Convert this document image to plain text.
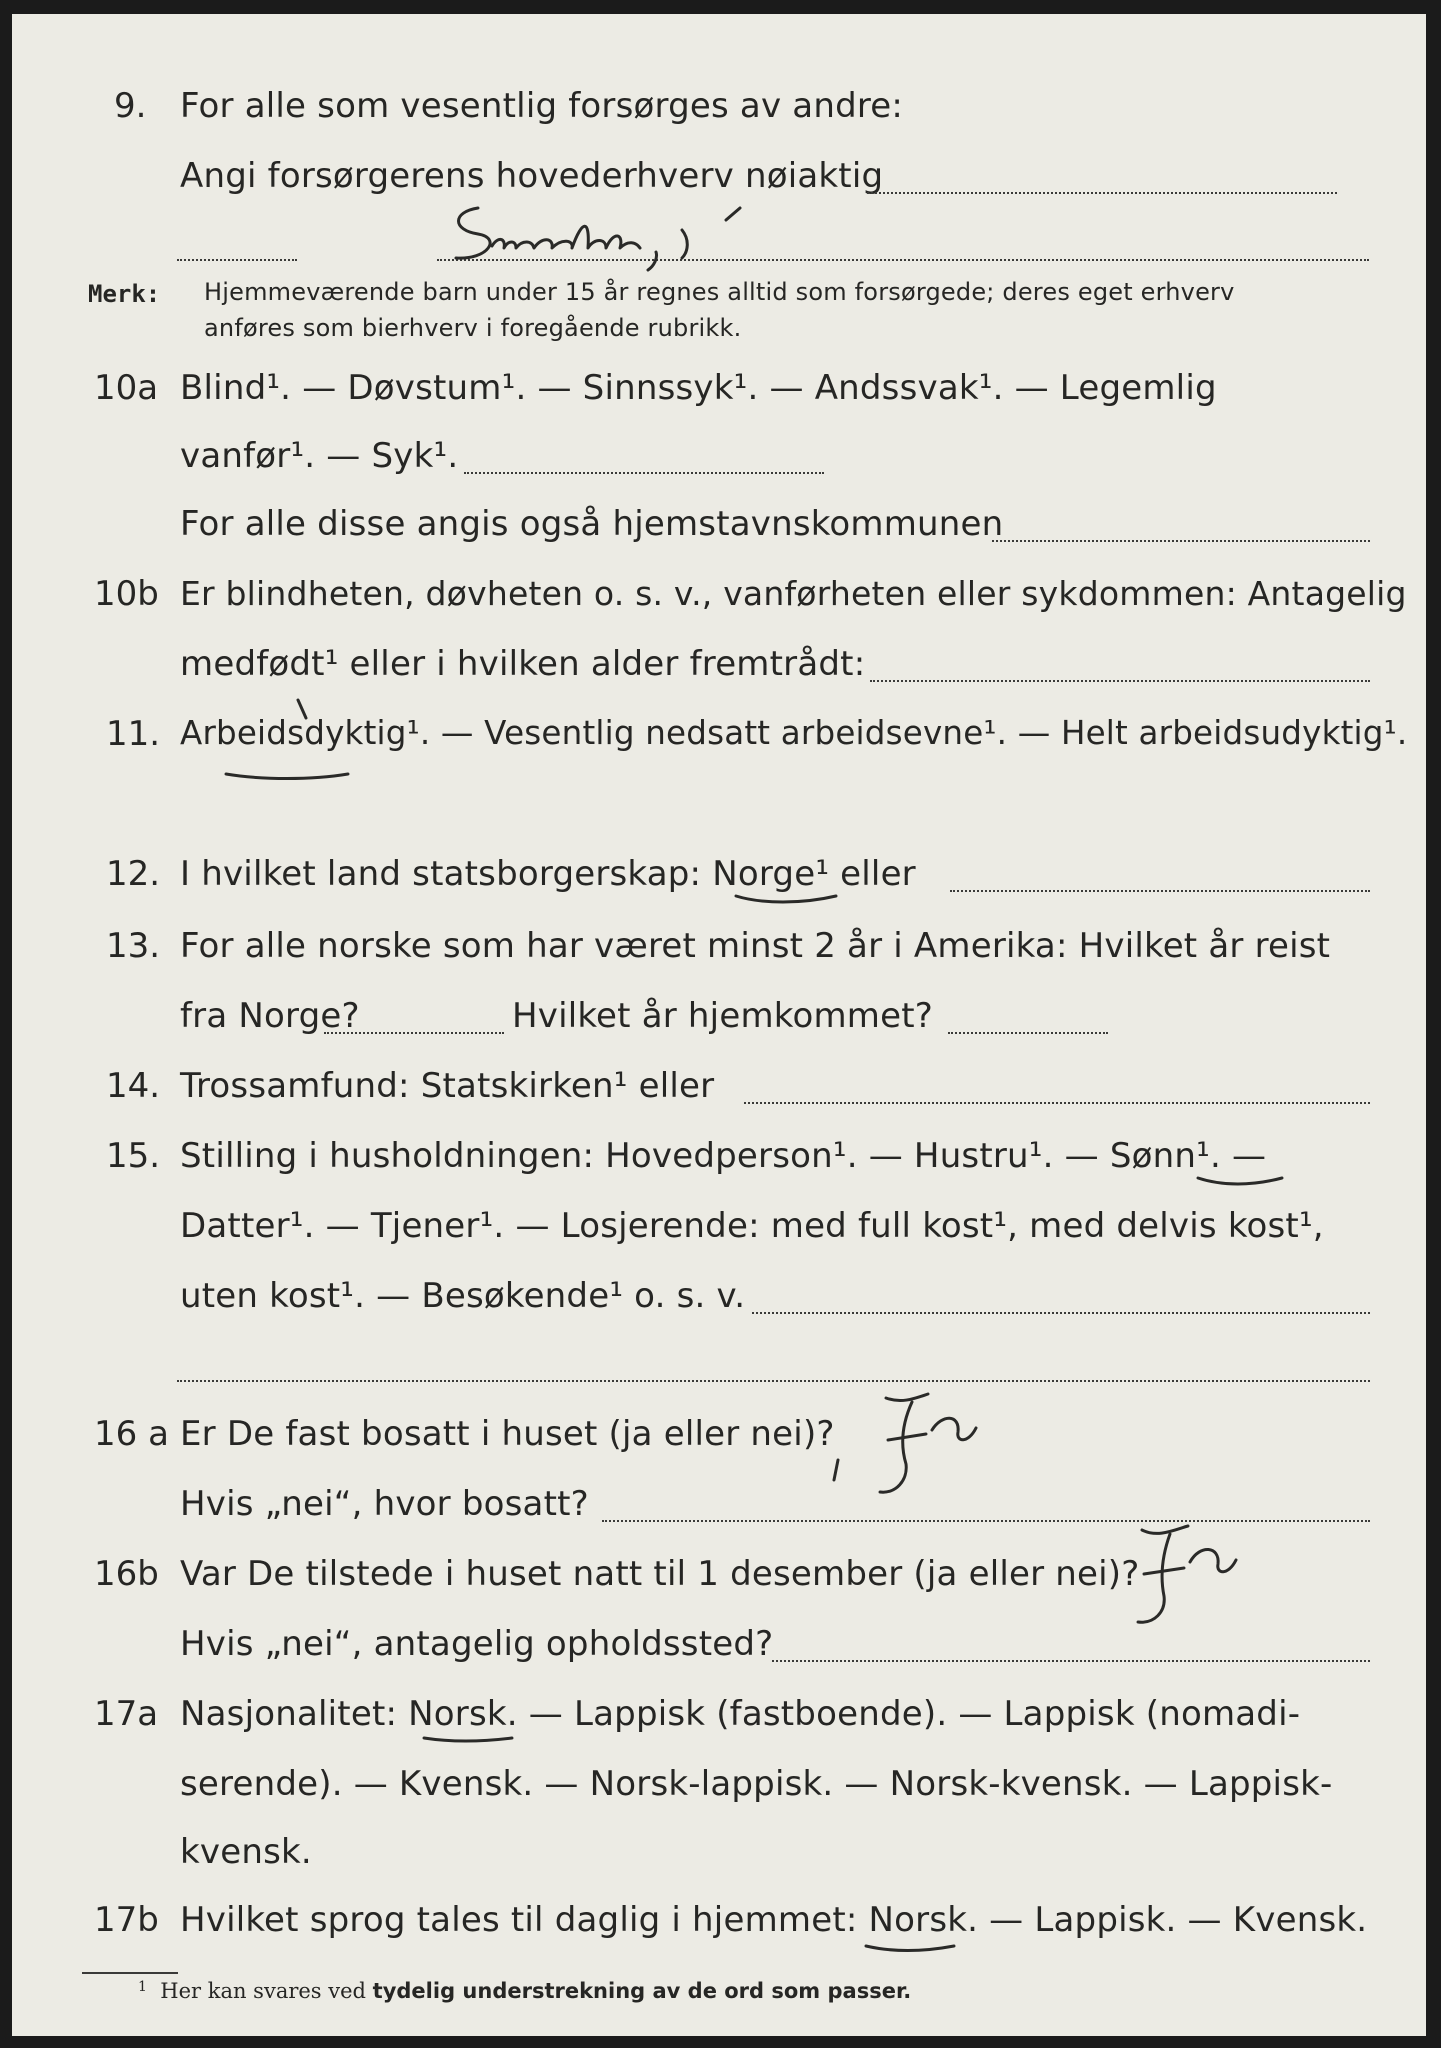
9. For alle som vesentlig forsørges av andre:
Angi forsørgerens hovederhverv nøiaktig
Merk: Hjemmeværende barn under 15 år regnes alltid som forsørgede; deres eget erhverv
anføres som bierhverv i foregående rubrikk.
10a Blind¹. — Døvstum¹. — Sinnssyk¹. — Andssvak¹. — Legemlig
vanfør¹. — Syk¹.
For alle disse angis også hjemstavnskommunen
10b Er blindheten, døvheten o. s. v., vanførheten eller sykdommen: Antagelig
medfødt¹ eller i hvilken alder fremtrådt:
11. Arbeidsdyktig¹. — Vesentlig nedsatt arbeidsevne¹. — Helt arbeidsudyktig¹.
12. I hvilket land statsborgerskap: Norge¹ eller
13. For alle norske som har været minst 2 år i Amerika: Hvilket år reist
fra Norge?	Hvilket år hjemkommet?
14. Trossamfund: Statskirken¹ eller
15. Stilling i husholdningen: Hovedperson¹. — Hustru¹. — Sønn¹. —
Datter¹. — Tjener¹. — Losjerende: med full kost¹, med delvis kost¹,
uten kost¹. — Besøkende¹ o. s. v.
16 a Er De fast bosatt i huset (ja eller nei)?
Hvis „nei“, hvor bosatt?
16b Var De tilstede i huset natt til 1 desember (ja eller nei)?
Hvis „nei“, antagelig opholdssted?
17a Nasjonalitet: Norsk. — Lappisk (fastboende). — Lappisk (nomadi-
serende). — Kvensk. — Norsk-lappisk. — Norsk-kvensk. — Lappisk-
kvensk.
17b Hvilket sprog tales til daglig i hjemmet: Norsk. — Lappisk. — Kvensk.
$^1$ Her kan svares ved tydelig understrekning av de ord som passer.
